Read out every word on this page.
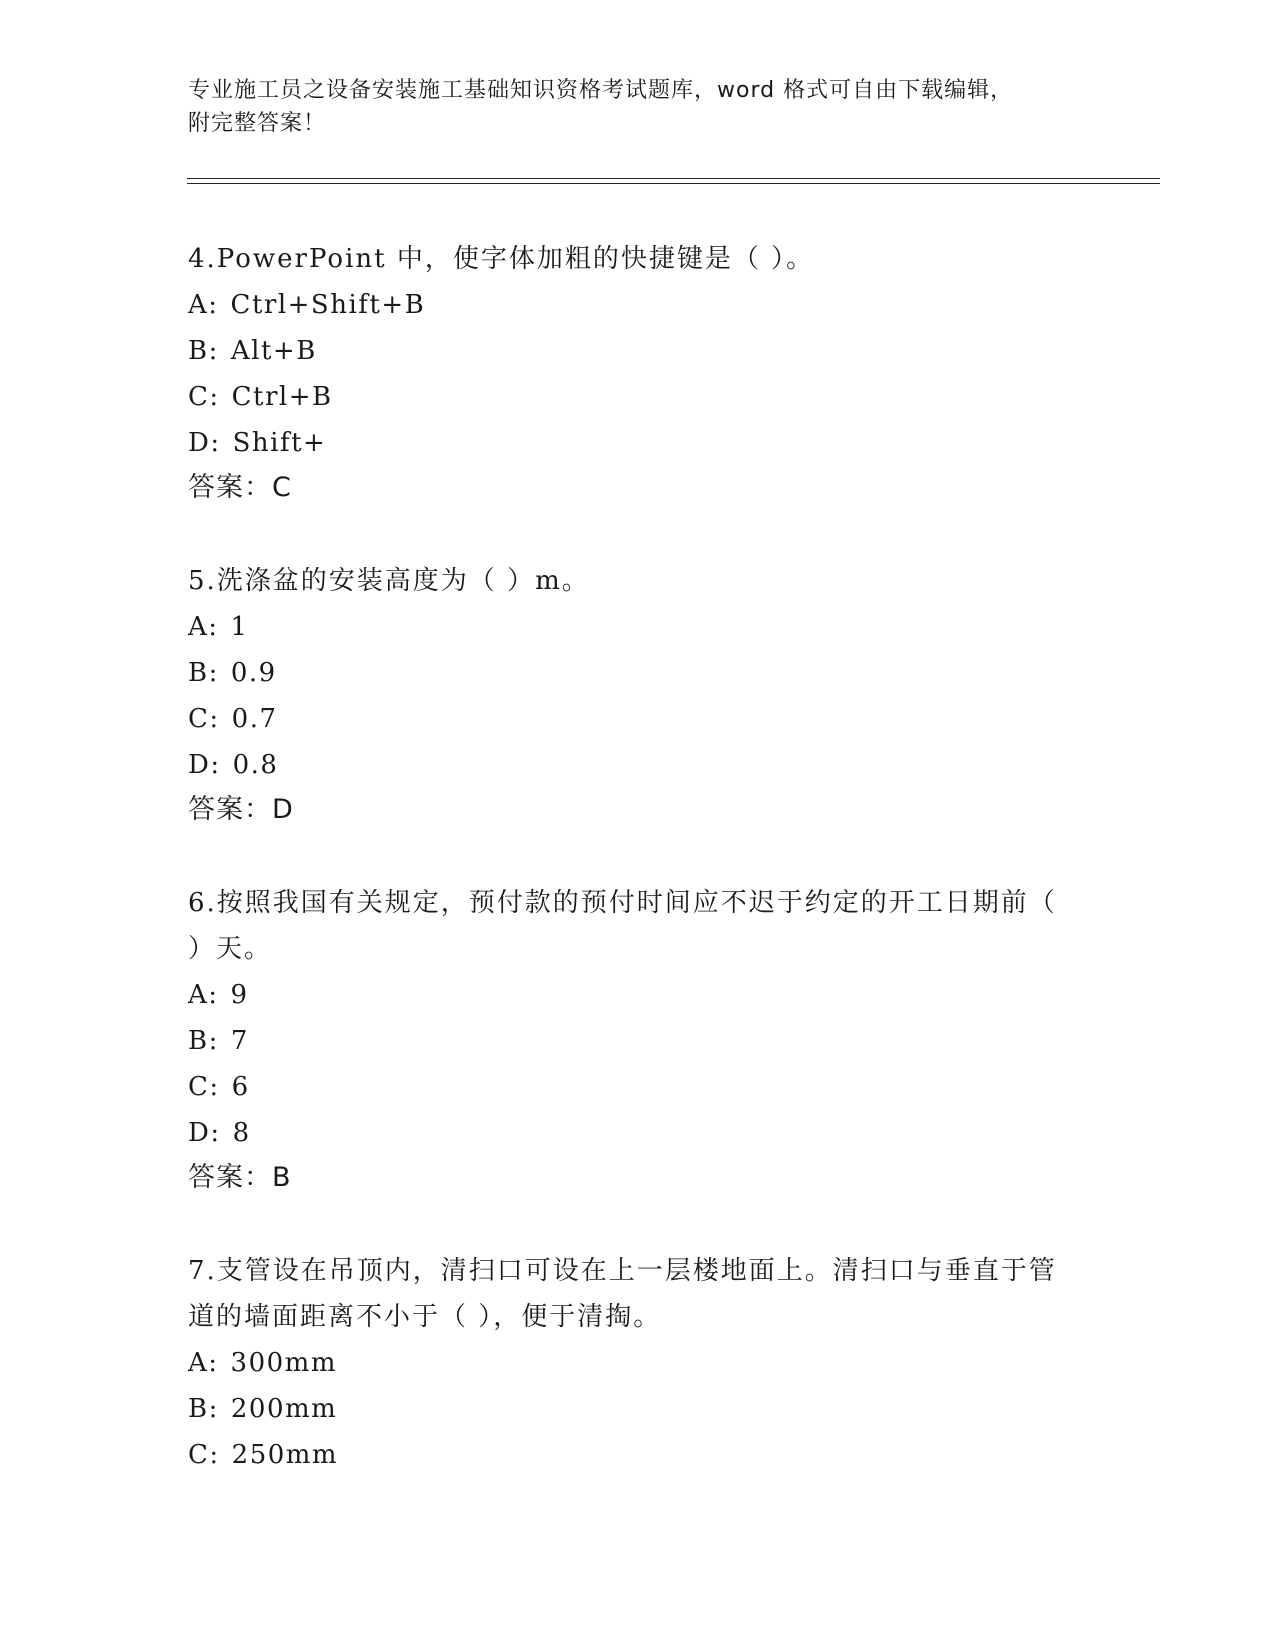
专业施工员之设备安装施工基础知识资格考试题库，word 格式可自由下载编辑，
附完整答案！
4.PowerPoint 中，使字体加粗的快捷键是（ ）。
A: Ctrl+Shift+B
B: Alt+B
C: Ctrl+B
D: Shift+
答案：C
5.洗涤盆的安装高度为（ ）m。
A: 1
B: 0.9
C: 0.7
D: 0.8
答案：D
6.按照我国有关规定，预付款的预付时间应不迟于约定的开工日期前（ ）天。
A: 9
B: 7
C: 6
D: 8
答案：B
7.支管设在吊顶内，清扫口可设在上一层楼地面上。清扫口与垂直于管道的墙面距离不小于（ ），便于清掏。
A: 300mm
B: 200mm
C: 250mm
